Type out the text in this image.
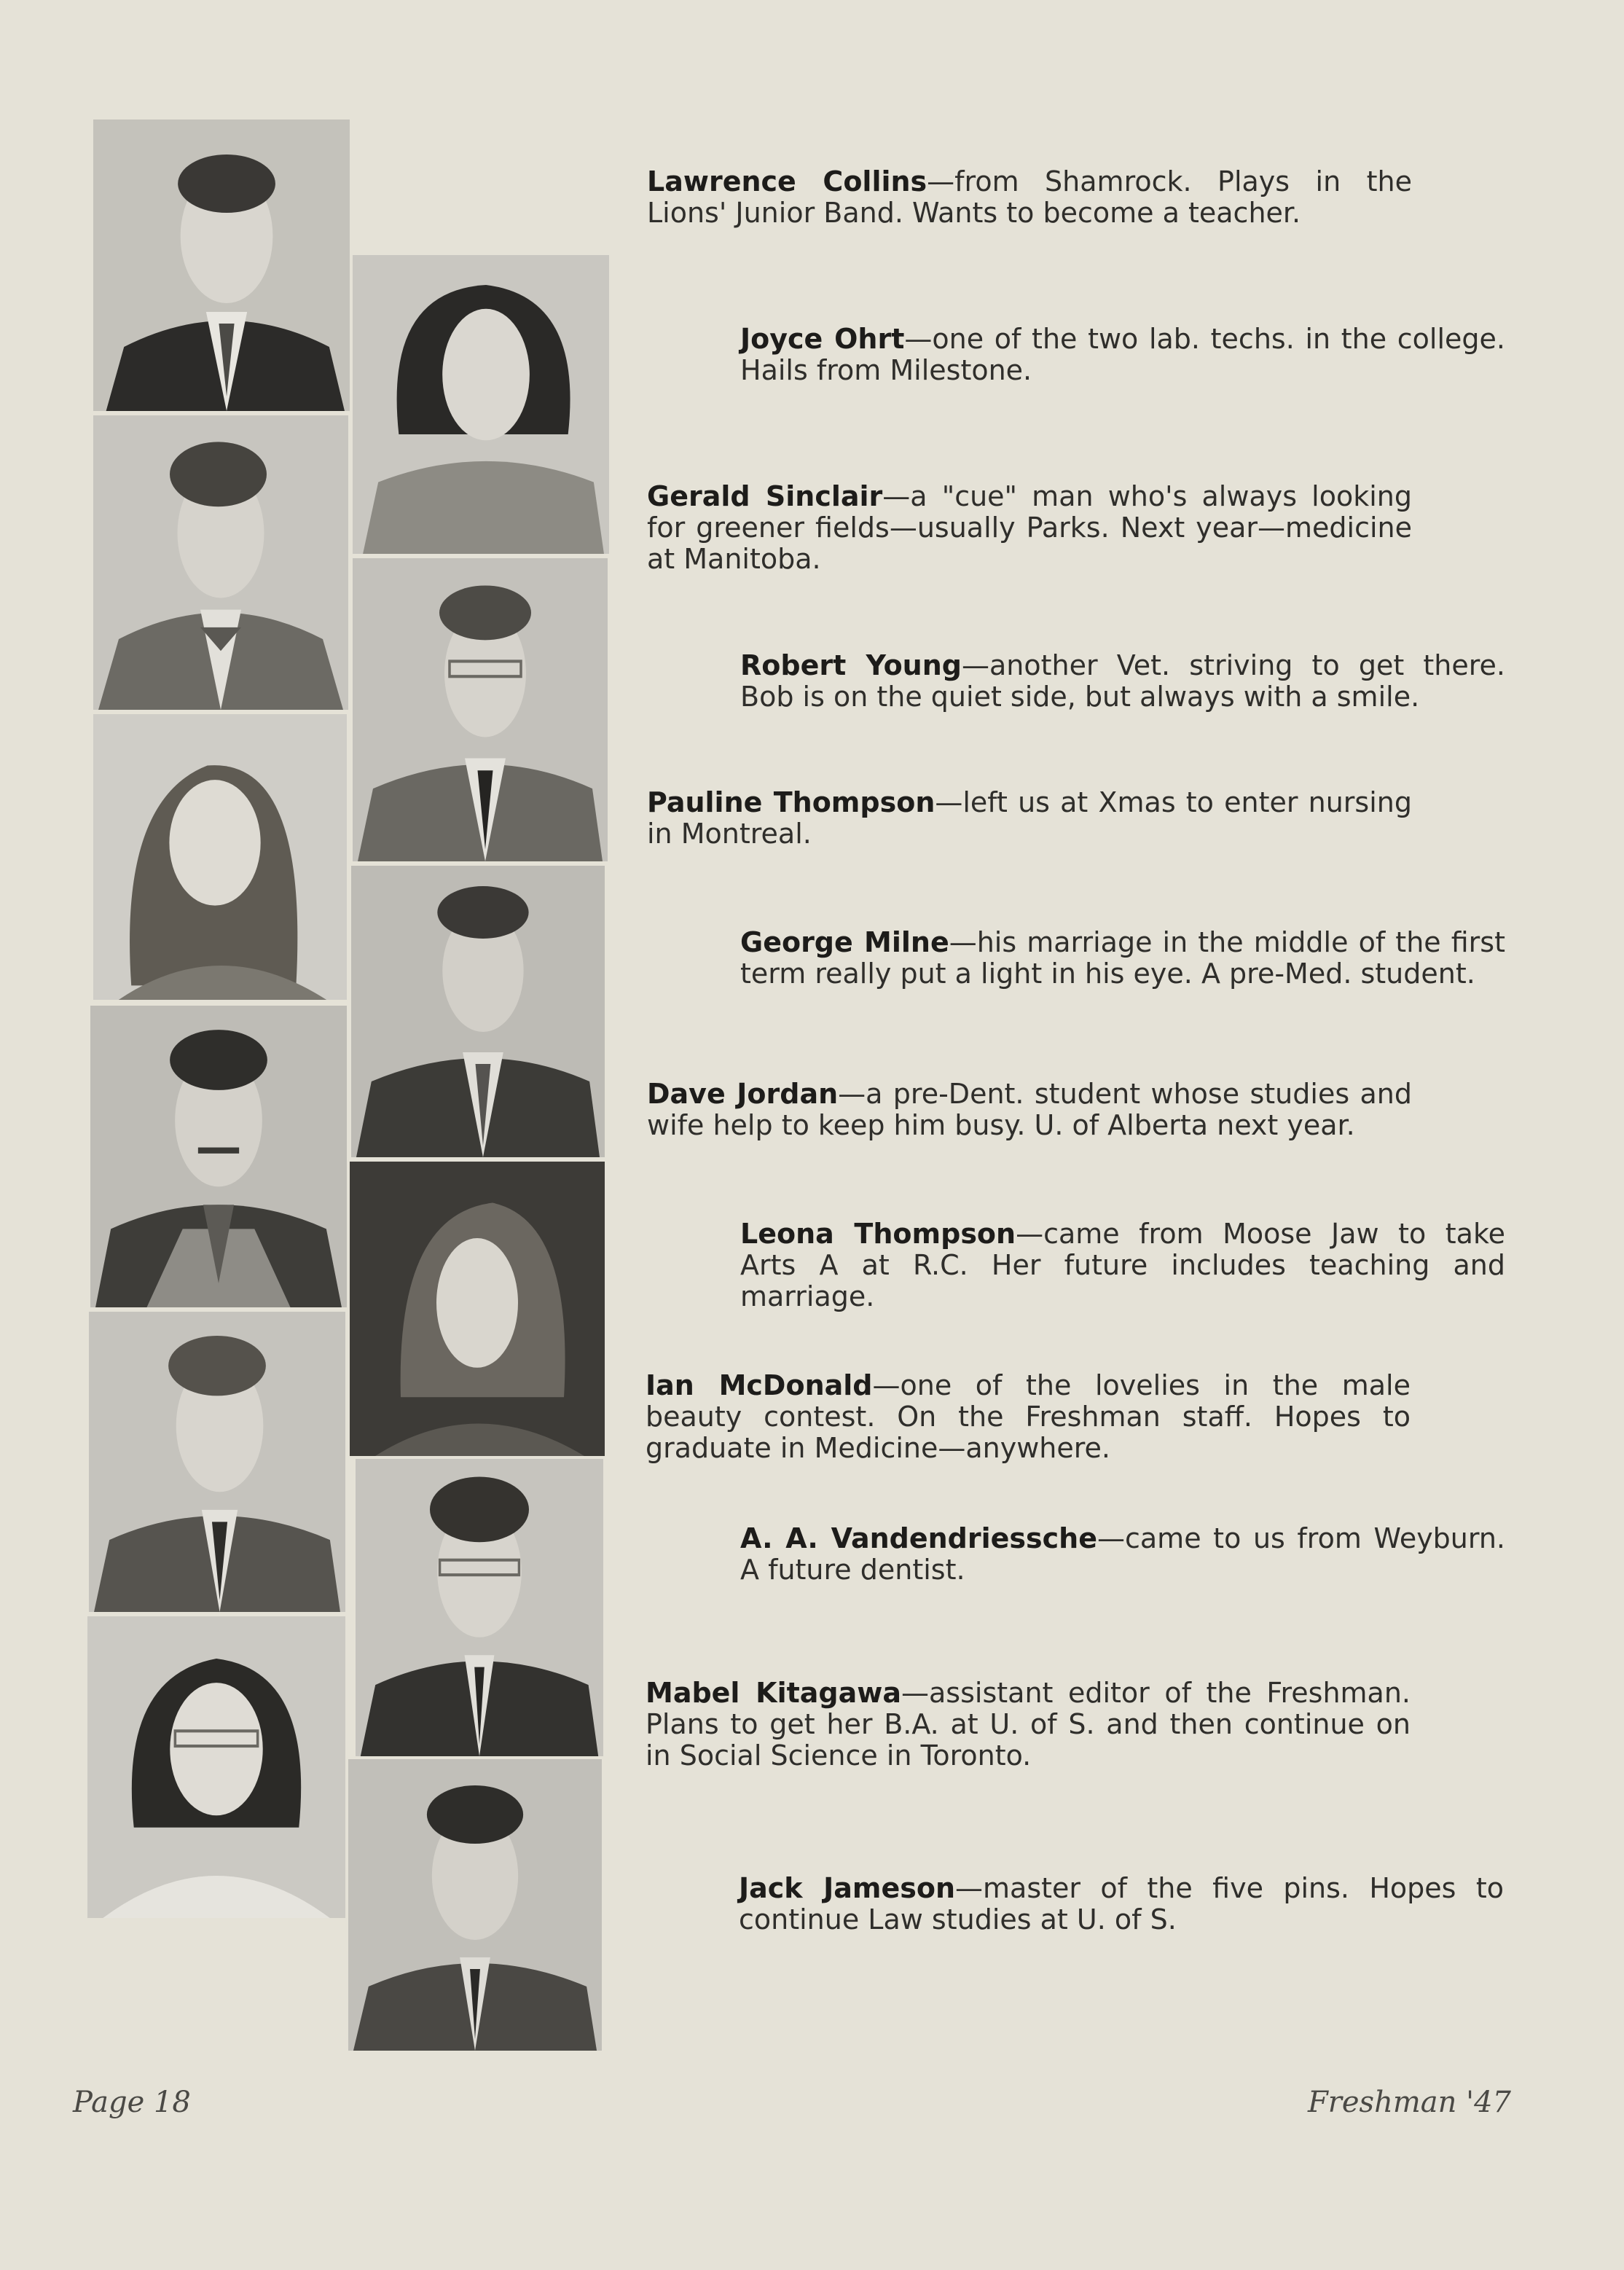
Lawrence Collins—from Shamrock. Plays in the Lions' Junior Band. Wants to become a teacher.
Joyce Ohrt—one of the two lab. techs. in the college. Hails from Milestone.
Gerald Sinclair—a "cue" man who's always looking for greener fields—usually Parks. Next year—medicine at Manitoba.
Robert Young—another Vet. striving to get there. Bob is on the quiet side, but always with a smile.
Pauline Thompson—left us at Xmas to enter nursing in Montreal.
George Milne—his marriage in the middle of the first term really put a light in his eye. A pre-Med. student.
Dave Jordan—a pre-Dent. student whose studies and wife help to keep him busy. U. of Alberta next year.
Leona Thompson—came from Moose Jaw to take Arts A at R.C. Her future includes teaching and marriage.
Ian McDonald—one of the lovelies in the male beauty contest. On the Freshman staff. Hopes to graduate in Medicine—anywhere.
A. A. Vandendriessche—came to us from Weyburn. A future dentist.
Mabel Kitagawa—assistant editor of the Freshman. Plans to get her B.A. at U. of S. and then continue on in Social Science in Toronto.
Jack Jameson—master of the five pins. Hopes to continue Law studies at U. of S.
Page 18	Freshman '47
